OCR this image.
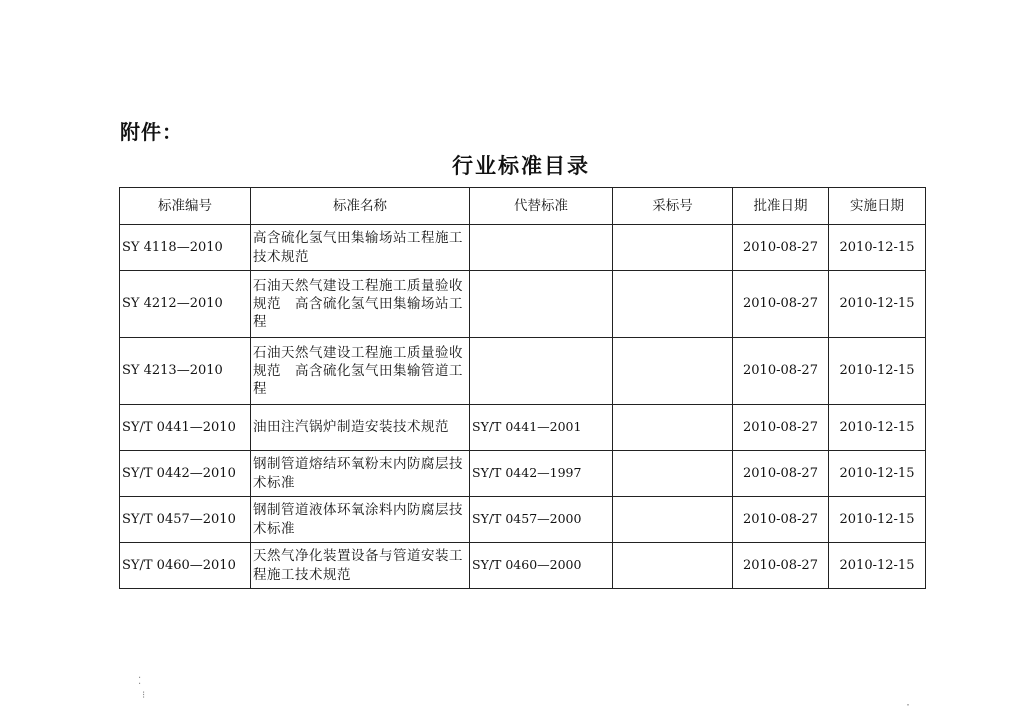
附件：
行业标准目录
标准编号	标准名称	代替标准	采标号	批准日期	实施日期
SY 4118—2010	高含硫化氢气田集输场站工程施工技术规范			2010-08-27	2010-12-15
SY 4212—2010	石油天然气建设工程施工质量验收规范　高含硫化氢气田集输场站工程			2010-08-27	2010-12-15
SY 4213—2010	石油天然气建设工程施工质量验收规范　高含硫化氢气田集输管道工程			2010-08-27	2010-12-15
SY/T 0441—2010	油田注汽锅炉制造安装技术规范	SY/T 0441—2001		2010-08-27	2010-12-15
SY/T 0442—2010	钢制管道熔结环氧粉末内防腐层技术标准	SY/T 0442—1997		2010-08-27	2010-12-15
SY/T 0457—2010	钢制管道液体环氧涂料内防腐层技术标准	SY/T 0457—2000		2010-08-27	2010-12-15
SY/T 0460—2010	天然气净化装置设备与管道安装工程施工技术规范	SY/T 0460—2000		2010-08-27	2010-12-15
⁚
⁝
·
